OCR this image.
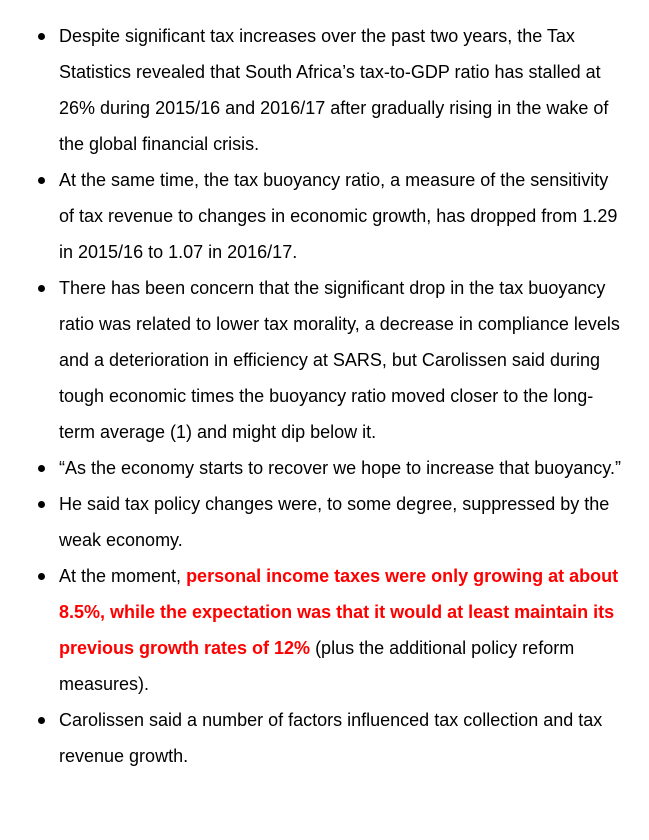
Despite significant tax increases over the past two years, the Tax Statistics revealed that South Africa’s tax-to-GDP ratio has stalled at 26% during 2015/16 and 2016/17 after gradually rising in the wake of the global financial crisis.
At the same time, the tax buoyancy ratio, a measure of the sensitivity of tax revenue to changes in economic growth, has dropped from 1.29 in 2015/16 to 1.07 in 2016/17.
There has been concern that the significant drop in the tax buoyancy ratio was related to lower tax morality, a decrease in compliance levels and a deterioration in efficiency at SARS, but Carolissen said during tough economic times the buoyancy ratio moved closer to the long-term average (1) and might dip below it.
“As the economy starts to recover we hope to increase that buoyancy.”
He said tax policy changes were, to some degree, suppressed by the weak economy.
At the moment, personal income taxes were only growing at about 8.5%, while the expectation was that it would at least maintain its previous growth rates of 12% (plus the additional policy reform measures).
Carolissen said a number of factors influenced tax collection and tax revenue growth.
